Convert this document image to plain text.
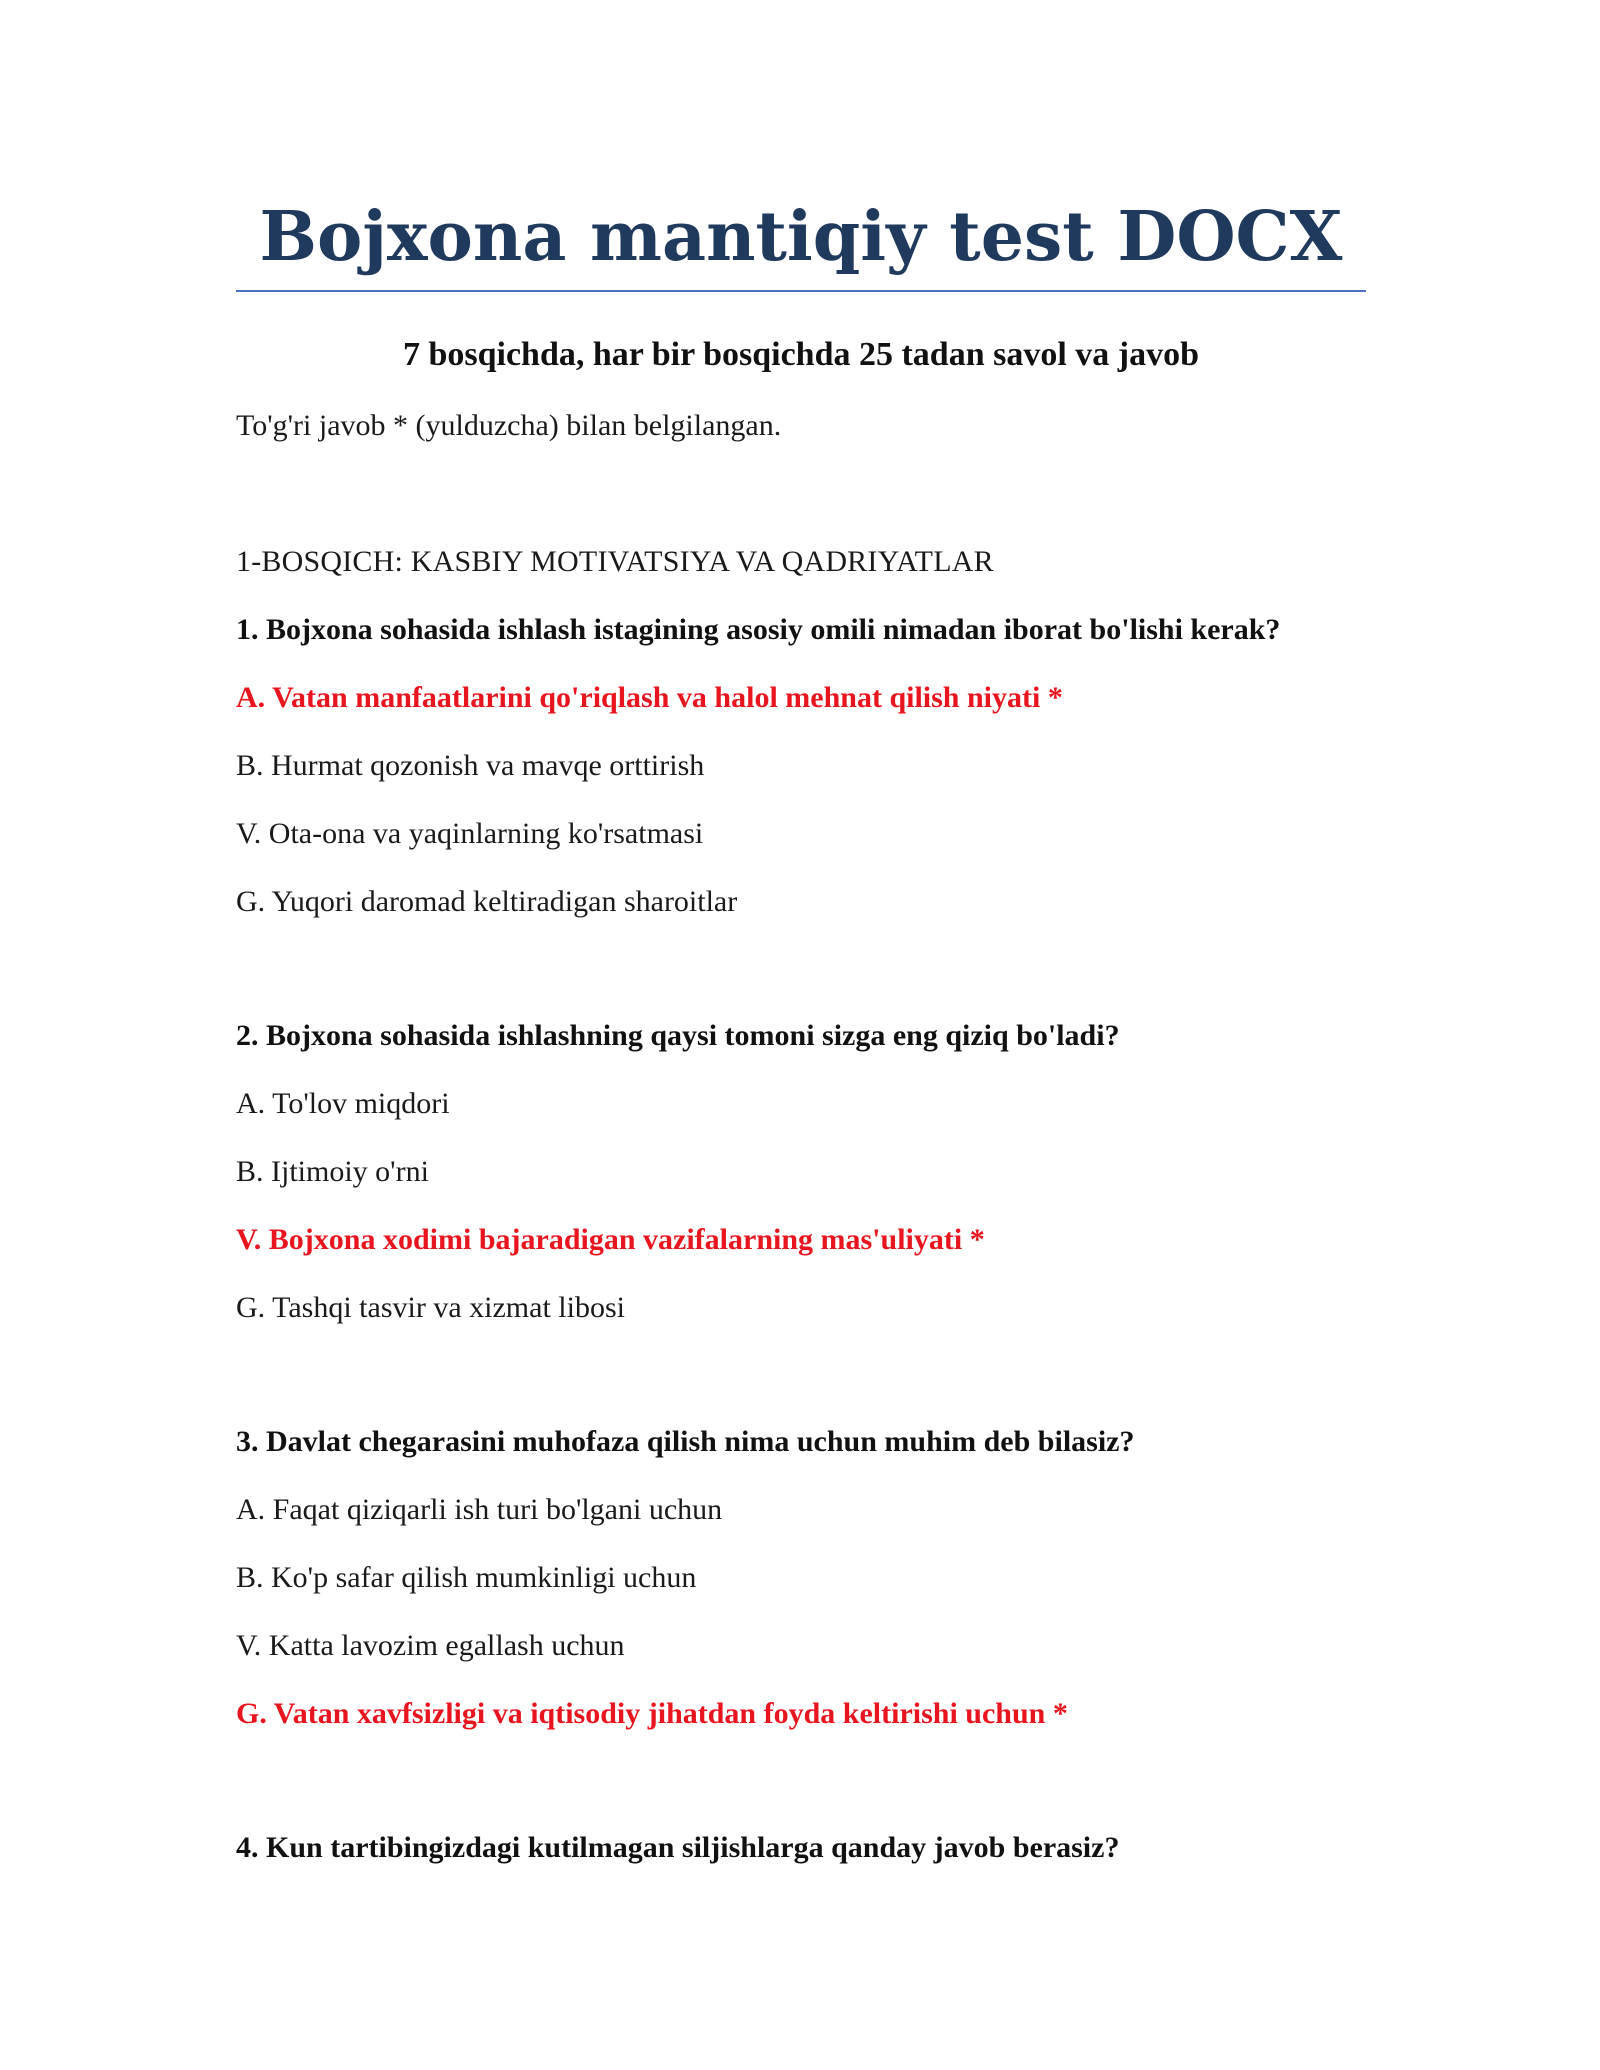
Bojxona mantiqiy test DOCX
7 bosqichda, har bir bosqichda 25 tadan savol va javob

To'g'ri javob * (yulduzcha) bilan belgilangan.

1-BOSQICH: KASBIY MOTIVATSIYA VA QADRIYATLAR

1. Bojxona sohasida ishlash istagining asosiy omili nimadan iborat bo'lishi kerak?

A. Vatan manfaatlarini qo'riqlash va halol mehnat qilish niyati *

B. Hurmat qozonish va mavqe orttirish

V. Ota-ona va yaqinlarning ko'rsatmasi

G. Yuqori daromad keltiradigan sharoitlar

2. Bojxona sohasida ishlashning qaysi tomoni sizga eng qiziq bo'ladi?

A. To'lov miqdori

B. Ijtimoiy o'rni

V. Bojxona xodimi bajaradigan vazifalarning mas'uliyati *

G. Tashqi tasvir va xizmat libosi

3. Davlat chegarasini muhofaza qilish nima uchun muhim deb bilasiz?

A. Faqat qiziqarli ish turi bo'lgani uchun

B. Ko'p safar qilish mumkinligi uchun

V. Katta lavozim egallash uchun

G. Vatan xavfsizligi va iqtisodiy jihatdan foyda keltirishi uchun *

4. Kun tartibingizdagi kutilmagan siljishlarga qanday javob berasiz?
